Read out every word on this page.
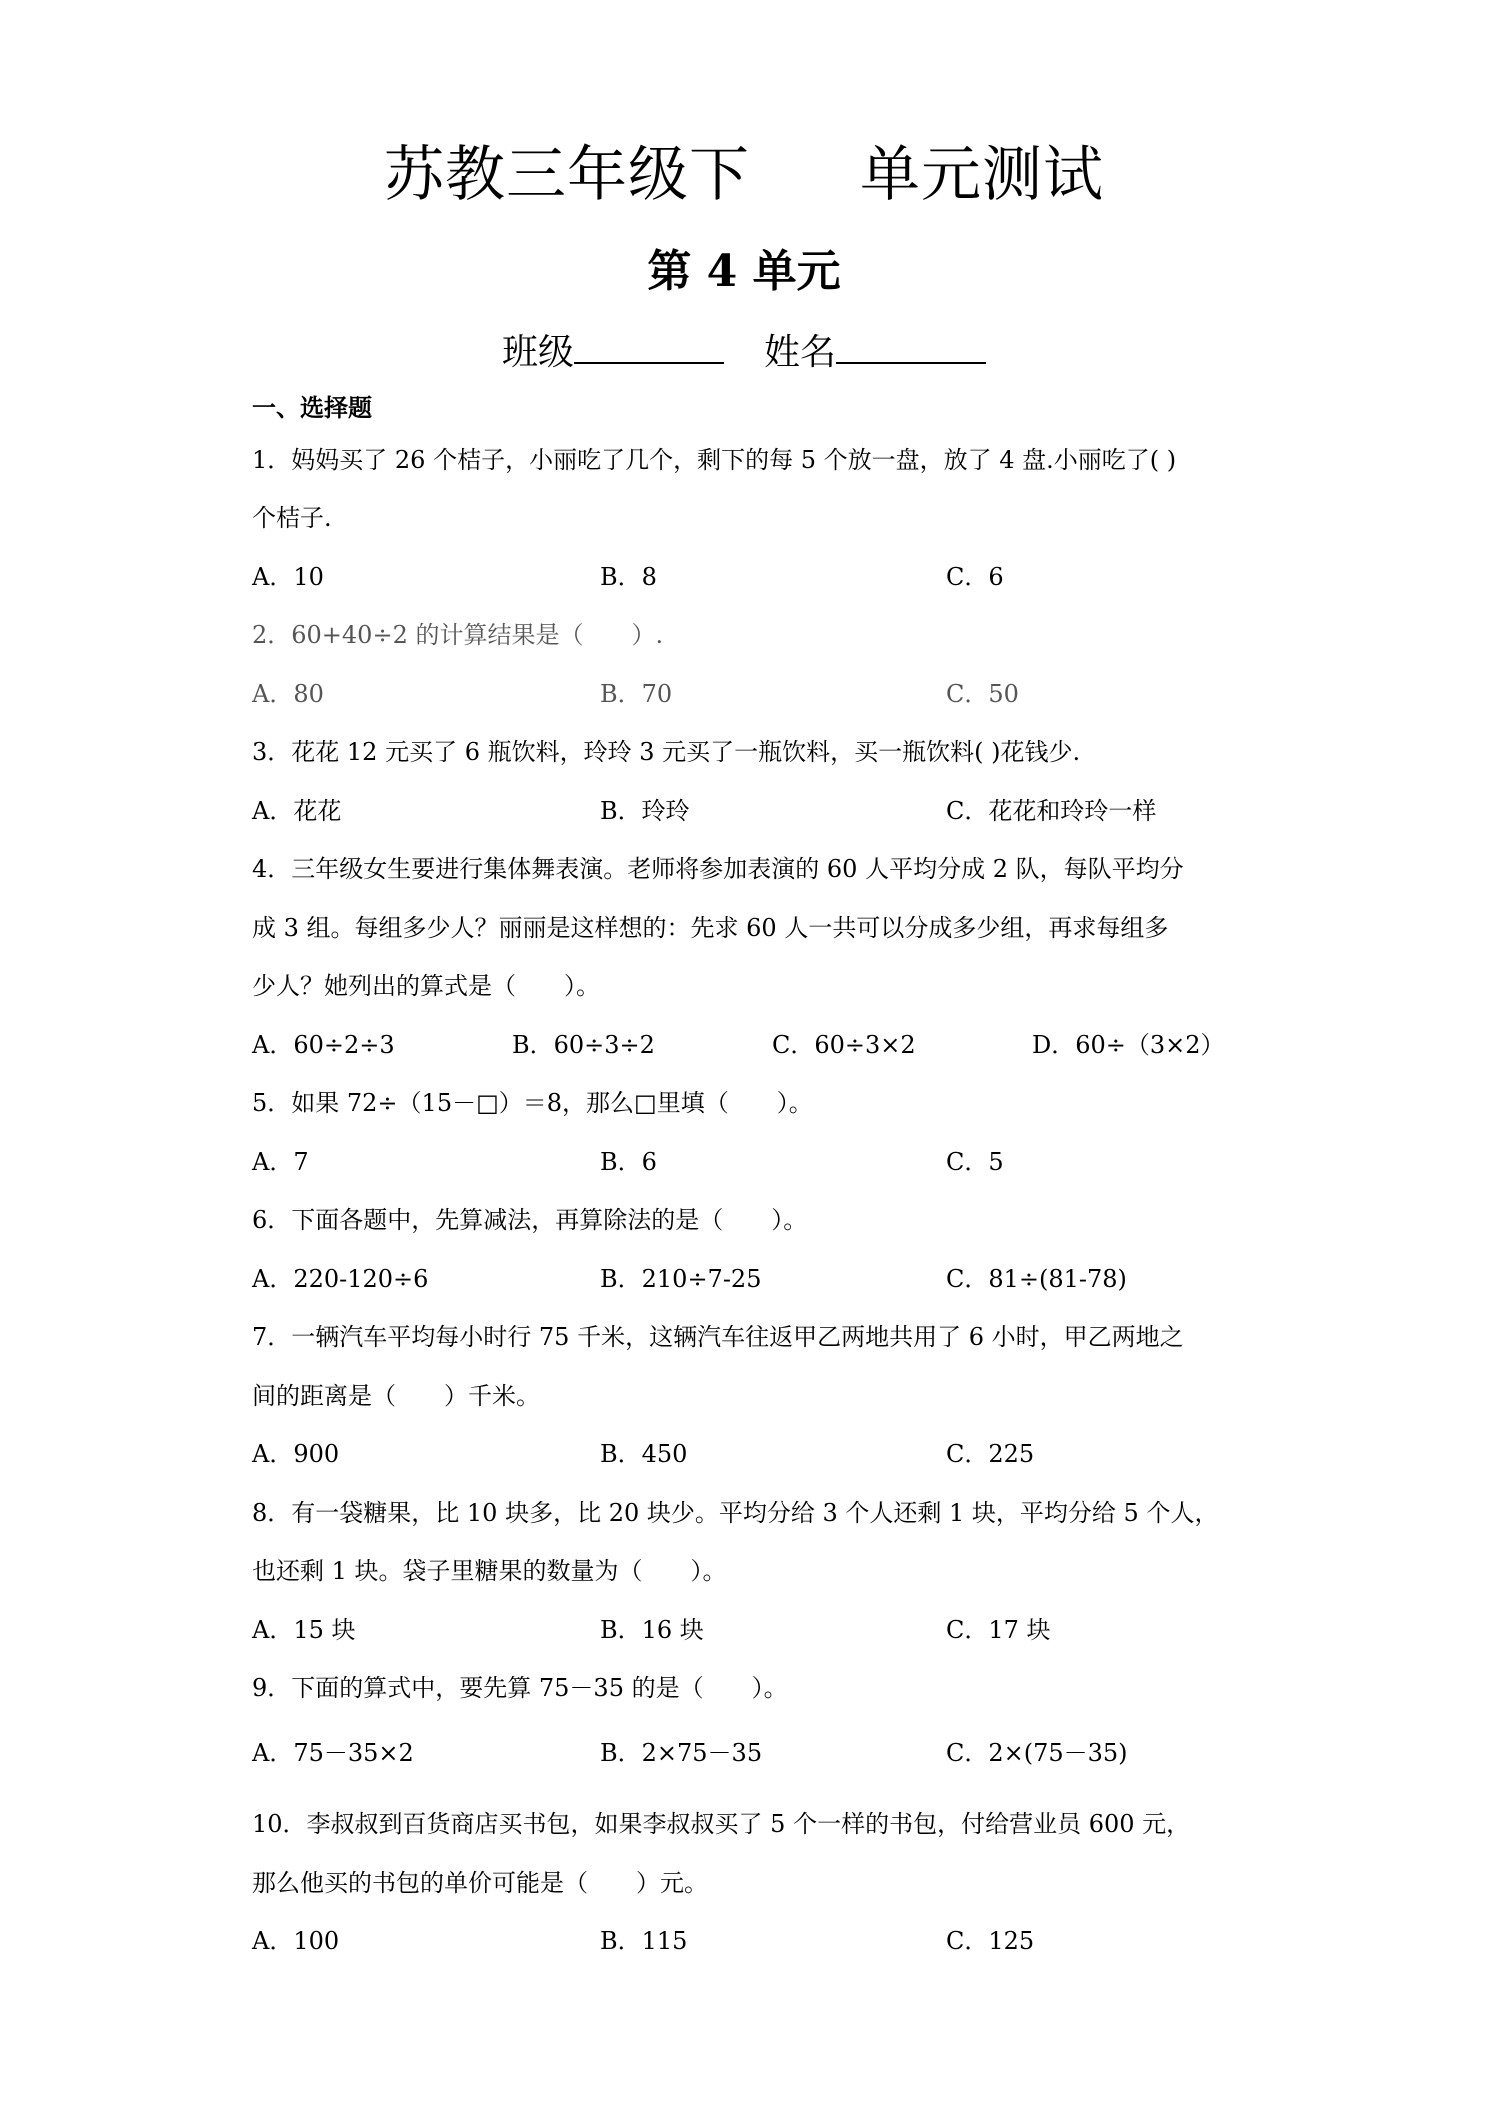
苏教三年级下 单元测试
第 4 单元
班级	姓名
一、选择题
1．妈妈买了 26 个桔子，小丽吃了几个，剩下的每 5 个放一盘，放了 4 盘.小丽吃了( )
个桔子.
A．10	B．8	C．6
2．60+40÷2 的计算结果是（　　）.
A．80	B．70	C．50
3．花花 12 元买了 6 瓶饮料，玲玲 3 元买了一瓶饮料，买一瓶饮料( )花钱少.
A．花花	B．玲玲	C．花花和玲玲一样
4．三年级女生要进行集体舞表演。老师将参加表演的 60 人平均分成 2 队，每队平均分
成 3 组。每组多少人？丽丽是这样想的：先求 60 人一共可以分成多少组，再求每组多
少人？她列出的算式是（　　）。
A．60÷2÷3	B．60÷3÷2	C．60÷3×2	D．60÷（3×2）
5．如果 72÷（15－□）＝8，那么□里填（　　）。
A．7	B．6	C．5
6．下面各题中，先算减法，再算除法的是（　　）。
A．220-120÷6	B．210÷7-25	C．81÷(81-78)
7．一辆汽车平均每小时行 75 千米，这辆汽车往返甲乙两地共用了 6 小时，甲乙两地之
间的距离是（　　）千米。
A．900	B．450	C．225
8．有一袋糖果，比 10 块多，比 20 块少。平均分给 3 个人还剩 1 块，平均分给 5 个人，
也还剩 1 块。袋子里糖果的数量为（　　）。
A．15 块	B．16 块	C．17 块
9．下面的算式中，要先算 75－35 的是（　　）。
A．75－35×2	B．2×75－35	C．2×(75－35)
10．李叔叔到百货商店买书包，如果李叔叔买了 5 个一样的书包，付给营业员 600 元，
那么他买的书包的单价可能是（　　）元。
A．100	B．115	C．125
